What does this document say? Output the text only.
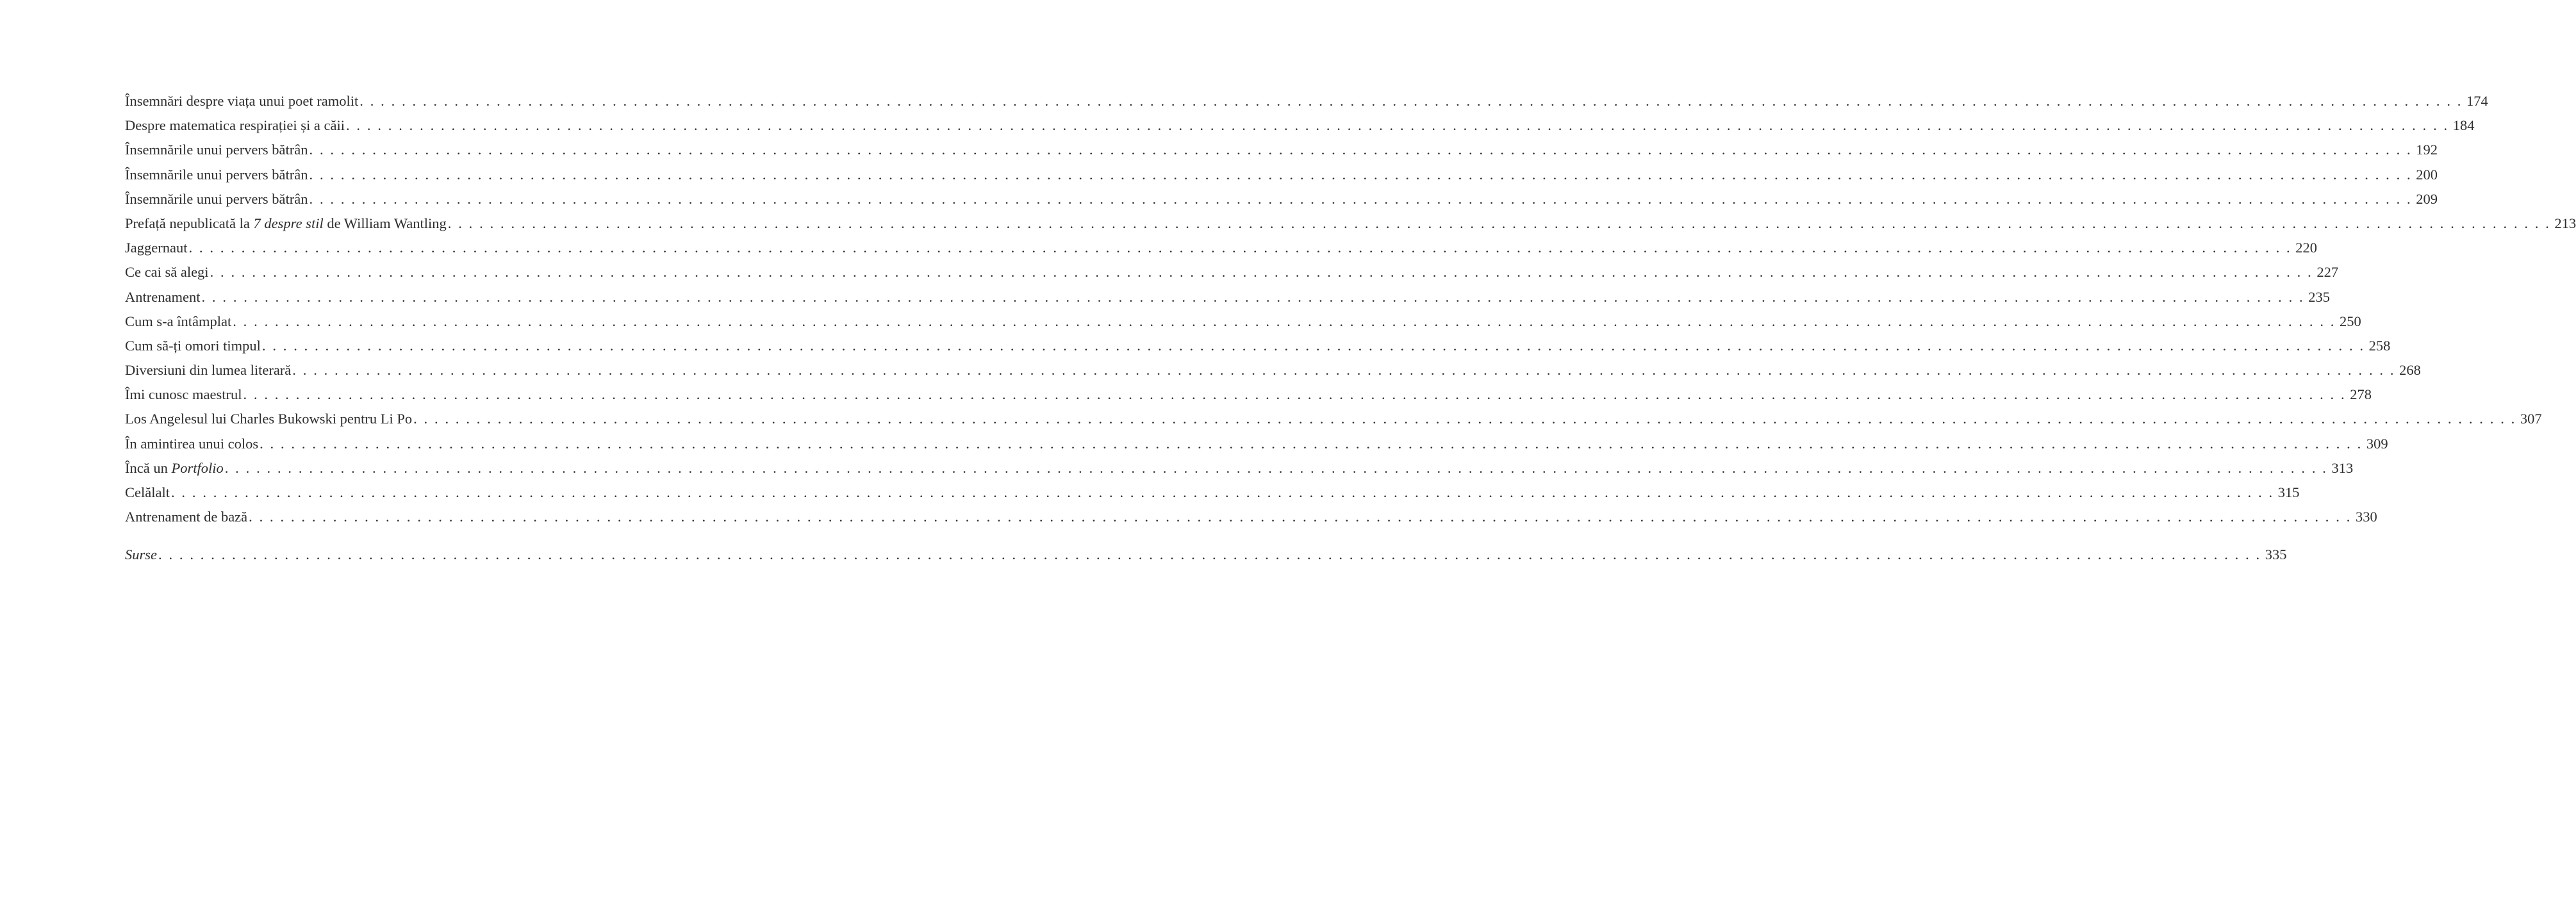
Însemnări despre viața unui poet ramolit . . . . . . . . . . . . . . . . . . . . . . . . . . . . . . . . . . . . . . . . . . . . . . . . . . . . . . . . . . . . . . . . . . . . . . . . . . . . . . . . . . . . . . . . . . . . . . . . . . . . . . . . . . . . . . . . . . . . . . . . . . . . . . . . . . . . . . . . . . . . . . . . . . . . . . . . . . . . . . . . . . . . . . . . . . . . . . . . . . . . . . . . . . . . . . . . . . . . . . . . 174
Despre matematica respirației și a căii . . . . . . . . . . . . . . . . . . . . . . . . . . . . . . . . . . . . . . . . . . . . . . . . . . . . . . . . . . . . . . . . . . . . . . . . . . . . . . . . . . . . . . . . . . . . . . . . . . . . . . . . . . . . . . . . . . . . . . . . . . . . . . . . . . . . . . . . . . . . . . . . . . . . . . . . . . . . . . . . . . . . . . . . . . . . . . . . . . . . . . . . . . . . . . . . . . . . . . . . 184
Însemnările unui pervers bătrân . . . . . . . . . . . . . . . . . . . . . . . . . . . . . . . . . . . . . . . . . . . . . . . . . . . . . . . . . . . . . . . . . . . . . . . . . . . . . . . . . . . . . . . . . . . . . . . . . . . . . . . . . . . . . . . . . . . . . . . . . . . . . . . . . . . . . . . . . . . . . . . . . . . . . . . . . . . . . . . . . . . . . . . . . . . . . . . . . . . . . . . . . . . . . . . . . . . . . . . . 192
Însemnările unui pervers bătrân . . . . . . . . . . . . . . . . . . . . . . . . . . . . . . . . . . . . . . . . . . . . . . . . . . . . . . . . . . . . . . . . . . . . . . . . . . . . . . . . . . . . . . . . . . . . . . . . . . . . . . . . . . . . . . . . . . . . . . . . . . . . . . . . . . . . . . . . . . . . . . . . . . . . . . . . . . . . . . . . . . . . . . . . . . . . . . . . . . . . . . . . . . . . . . . . . . . . . . . . 200
Însemnările unui pervers bătrân . . . . . . . . . . . . . . . . . . . . . . . . . . . . . . . . . . . . . . . . . . . . . . . . . . . . . . . . . . . . . . . . . . . . . . . . . . . . . . . . . . . . . . . . . . . . . . . . . . . . . . . . . . . . . . . . . . . . . . . . . . . . . . . . . . . . . . . . . . . . . . . . . . . . . . . . . . . . . . . . . . . . . . . . . . . . . . . . . . . . . . . . . . . . . . . . . . . . . . . . 209
Prefață nepublicată la 7 despre stil de William Wantling . . . . . . . . . . . . . . . . . . . . . . . . . . . . . . . . . . . . . . . . . . . . . . . . . . . . . . . . . . . . . . . . . . . . . . . . . . . . . . . . . . . . . . . . . . . . . . . . . . . . . . . . . . . . . . . . . . . . . . . . . . . . . . . . . . . . . . . . . . . . . . . . . . . . . . . . . . . . . . . . . . . . . . . . . . . . . . . . . . . . . . . . . . . . . . . . . . . . . . . . 213
Jaggernaut . . . . . . . . . . . . . . . . . . . . . . . . . . . . . . . . . . . . . . . . . . . . . . . . . . . . . . . . . . . . . . . . . . . . . . . . . . . . . . . . . . . . . . . . . . . . . . . . . . . . . . . . . . . . . . . . . . . . . . . . . . . . . . . . . . . . . . . . . . . . . . . . . . . . . . . . . . . . . . . . . . . . . . . . . . . . . . . . . . . . . . . . . . . . . . . . . . . . . . . . 220
Ce cai să alegi . . . . . . . . . . . . . . . . . . . . . . . . . . . . . . . . . . . . . . . . . . . . . . . . . . . . . . . . . . . . . . . . . . . . . . . . . . . . . . . . . . . . . . . . . . . . . . . . . . . . . . . . . . . . . . . . . . . . . . . . . . . . . . . . . . . . . . . . . . . . . . . . . . . . . . . . . . . . . . . . . . . . . . . . . . . . . . . . . . . . . . . . . . . . . . . . . . . . . . . . 227
Antrenament . . . . . . . . . . . . . . . . . . . . . . . . . . . . . . . . . . . . . . . . . . . . . . . . . . . . . . . . . . . . . . . . . . . . . . . . . . . . . . . . . . . . . . . . . . . . . . . . . . . . . . . . . . . . . . . . . . . . . . . . . . . . . . . . . . . . . . . . . . . . . . . . . . . . . . . . . . . . . . . . . . . . . . . . . . . . . . . . . . . . . . . . . . . . . . . . . . . . . . . . 235
Cum s-a întâmplat . . . . . . . . . . . . . . . . . . . . . . . . . . . . . . . . . . . . . . . . . . . . . . . . . . . . . . . . . . . . . . . . . . . . . . . . . . . . . . . . . . . . . . . . . . . . . . . . . . . . . . . . . . . . . . . . . . . . . . . . . . . . . . . . . . . . . . . . . . . . . . . . . . . . . . . . . . . . . . . . . . . . . . . . . . . . . . . . . . . . . . . . . . . . . . . . . . . . . . . . 250
Cum să-ți omori timpul . . . . . . . . . . . . . . . . . . . . . . . . . . . . . . . . . . . . . . . . . . . . . . . . . . . . . . . . . . . . . . . . . . . . . . . . . . . . . . . . . . . . . . . . . . . . . . . . . . . . . . . . . . . . . . . . . . . . . . . . . . . . . . . . . . . . . . . . . . . . . . . . . . . . . . . . . . . . . . . . . . . . . . . . . . . . . . . . . . . . . . . . . . . . . . . . . . . . . . . . 258
Diversiuni din lumea literară . . . . . . . . . . . . . . . . . . . . . . . . . . . . . . . . . . . . . . . . . . . . . . . . . . . . . . . . . . . . . . . . . . . . . . . . . . . . . . . . . . . . . . . . . . . . . . . . . . . . . . . . . . . . . . . . . . . . . . . . . . . . . . . . . . . . . . . . . . . . . . . . . . . . . . . . . . . . . . . . . . . . . . . . . . . . . . . . . . . . . . . . . . . . . . . . . . . . . . . . 268
Îmi cunosc maestrul . . . . . . . . . . . . . . . . . . . . . . . . . . . . . . . . . . . . . . . . . . . . . . . . . . . . . . . . . . . . . . . . . . . . . . . . . . . . . . . . . . . . . . . . . . . . . . . . . . . . . . . . . . . . . . . . . . . . . . . . . . . . . . . . . . . . . . . . . . . . . . . . . . . . . . . . . . . . . . . . . . . . . . . . . . . . . . . . . . . . . . . . . . . . . . . . . . . . . . . . 278
Los Angelesul lui Charles Bukowski pentru Li Po . . . . . . . . . . . . . . . . . . . . . . . . . . . . . . . . . . . . . . . . . . . . . . . . . . . . . . . . . . . . . . . . . . . . . . . . . . . . . . . . . . . . . . . . . . . . . . . . . . . . . . . . . . . . . . . . . . . . . . . . . . . . . . . . . . . . . . . . . . . . . . . . . . . . . . . . . . . . . . . . . . . . . . . . . . . . . . . . . . . . . . . . . . . . . . . . . . . . . . . . 307
În amintirea unui colos . . . . . . . . . . . . . . . . . . . . . . . . . . . . . . . . . . . . . . . . . . . . . . . . . . . . . . . . . . . . . . . . . . . . . . . . . . . . . . . . . . . . . . . . . . . . . . . . . . . . . . . . . . . . . . . . . . . . . . . . . . . . . . . . . . . . . . . . . . . . . . . . . . . . . . . . . . . . . . . . . . . . . . . . . . . . . . . . . . . . . . . . . . . . . . . . . . . . . . . . 309
Încă un Portfolio . . . . . . . . . . . . . . . . . . . . . . . . . . . . . . . . . . . . . . . . . . . . . . . . . . . . . . . . . . . . . . . . . . . . . . . . . . . . . . . . . . . . . . . . . . . . . . . . . . . . . . . . . . . . . . . . . . . . . . . . . . . . . . . . . . . . . . . . . . . . . . . . . . . . . . . . . . . . . . . . . . . . . . . . . . . . . . . . . . . . . . . . . . . . . . . . . . . . . . . . 313
Celălalt . . . . . . . . . . . . . . . . . . . . . . . . . . . . . . . . . . . . . . . . . . . . . . . . . . . . . . . . . . . . . . . . . . . . . . . . . . . . . . . . . . . . . . . . . . . . . . . . . . . . . . . . . . . . . . . . . . . . . . . . . . . . . . . . . . . . . . . . . . . . . . . . . . . . . . . . . . . . . . . . . . . . . . . . . . . . . . . . . . . . . . . . . . . . . . . . . . . . . . . . 315
Antrenament de bază . . . . . . . . . . . . . . . . . . . . . . . . . . . . . . . . . . . . . . . . . . . . . . . . . . . . . . . . . . . . . . . . . . . . . . . . . . . . . . . . . . . . . . . . . . . . . . . . . . . . . . . . . . . . . . . . . . . . . . . . . . . . . . . . . . . . . . . . . . . . . . . . . . . . . . . . . . . . . . . . . . . . . . . . . . . . . . . . . . . . . . . . . . . . . . . . . . . . . . . . 330
Surse . . . . . . . . . . . . . . . . . . . . . . . . . . . . . . . . . . . . . . . . . . . . . . . . . . . . . . . . . . . . . . . . . . . . . . . . . . . . . . . . . . . . . . . . . . . . . . . . . . . . . . . . . . . . . . . . . . . . . . . . . . . . . . . . . . . . . . . . . . . . . . . . . . . . . . . . . . . . . . . . . . . . . . . . . . . . . . . . . . . . . . . . . . . . . . . . . . . . . . . . 335
